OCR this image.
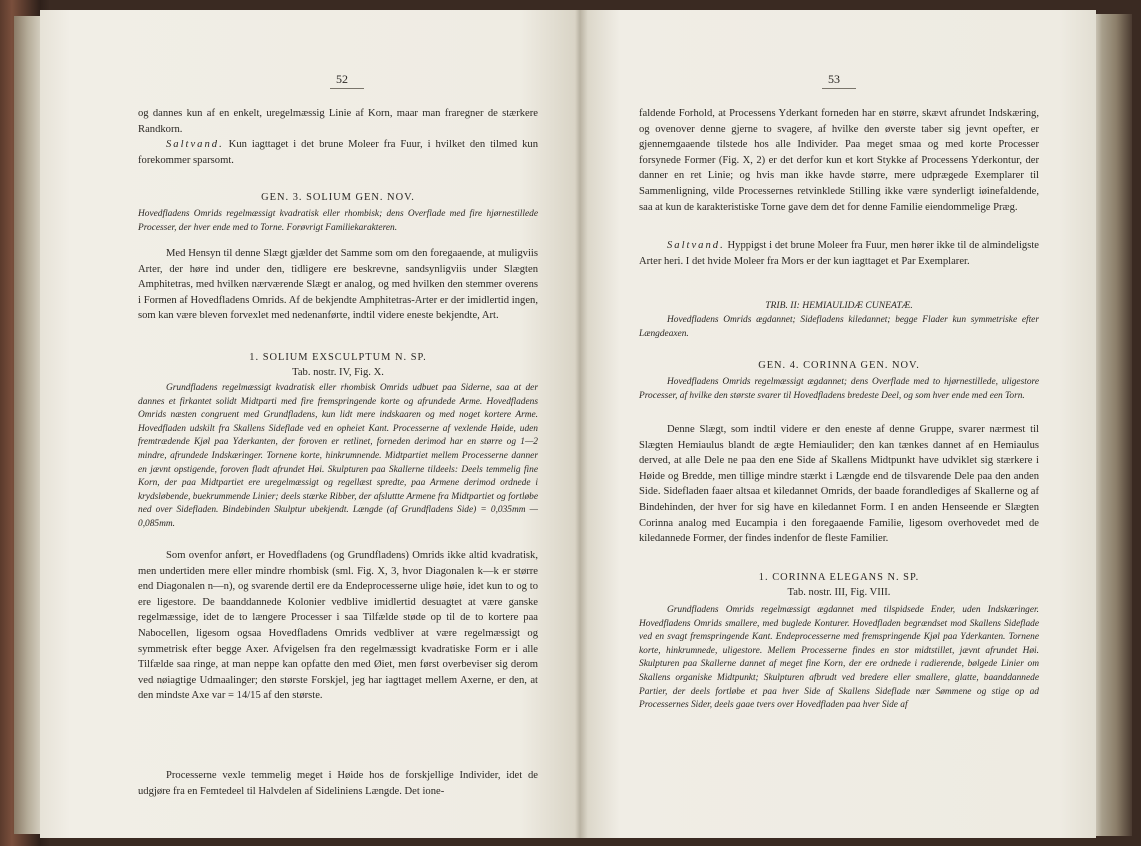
52

og dannes kun af en enkelt, uregelmæssig Linie af Korn, maar man fraregner de stærkere Randkorn.

Saltvand. Kun iagttaget i det brune Moleer fra Fuur, i hvilket den tilmed kun forekommer sparsomt.

GEN. 3. SOLIUM GEN. NOV.
Hovedfladens Omrids regelmæssigt kvadratisk eller rhombisk; dens Overflade med fire hjørnestillede Processer, der hver ende med to Torne. Forøvrigt Familiekarakteren.
Med Hensyn til denne Slægt gjælder det Samme som om den foregaaende, at muligviis Arter, der høre ind under den, tidligere ere beskrevne, sandsynligviis under Slægten Amphitetras, med hvilken nærværende Slægt er analog, og med hvilken den stemmer overens i Formen af Hovedfladens Omrids. Af de bekjendte Amphitetras-Arter er der imidlertid ingen, som kan være bleven forvexlet med nedenanførte, indtil videre eneste bekjendte, Art.
1. SOLIUM EXSCULPTUM N. SP.
Tab. nostr. IV, Fig. X.
Grundfladens regelmæssigt kvadratisk eller rhombisk Omrids udbuet paa Siderne, saa at der dannes et firkantet solidt Midtparti med fire fremspringende korte og afrundede Arme. Hovedfladens Omrids næsten congruent med Grundfladens, kun lidt mere indskaaren og med noget kortere Arme. Hovedfladen udskilt fra Skallens Sideflade ved en opheiet Kant. Processerne af vexlende Høide, uden fremtrædende Kjøl paa Yderkanten, der foroven er retlinet, forneden derimod har en større og 1—2 mindre, afrundede Indskæringer. Tornene korte, hinkrumnende. Midtpartiet mellem Processerne danner en jævnt opstigende, foroven fladt afrundet Høi. Skulpturen paa Skallerne tildeels: Deels temmelig fine Korn, der paa Midtpartiet ere uregelmæssigt og regellæst spredte, paa Armene derimod ordnede i krydsløbende, buekrummende Linier; deels stærke Ribber, der afsluttte Armene fra Midtpartiet og fortløbe ned over Sidefladen. Bindebinden Skulptur ubekjendt. Længde (af Grundfladens Side) = 0,035mm — 0,085mm.
Som ovenfor anført, er Hovedfladens (og Grundfladens) Omrids ikke altid kvadratisk, men undertiden mere eller mindre rhombisk (sml. Fig. X, 3, hvor Diagonalen k—k er større end Diagonalen n—n), og svarende dertil ere da Endeprocesserne ulige høie, idet kun to og to ere ligestore. De baanddannede Kolonier vedblive imidlertid desuagtet at være ganske regelmæssige, idet de to længere Processer i saa Tilfælde støde op til de to kortere paa Nabocellen, ligesom ogsaa Hovedfladens Omrids vedbliver at være regelmæssigt og symmetrisk efter begge Axer. Afvigelsen fra den regelmæssigt kvadratiske Form er i alle Tilfælde saa ringe, at man neppe kan opfatte den med Øiet, men først overbeviser sig derom ved nøiagtige Udmaalinger; den største Forskjel, jeg har iagttaget mellem Axerne, er den, at den mindste Axe var = 14/15 af den største.
Processerne vexle temmelig meget i Høide hos de forskjellige Individer, idet de udgjøre fra en Femtedeel til Halvdelen af Sideliniens Længde. Det ione-
53
faldende Forhold, at Processens Yderkant forneden har en større, skævt afrundet Indskæring, og ovenover denne gjerne to svagere, af hvilke den øverste taber sig jevnt opefter, er gjennemgaaende tilstede hos alle Individer. Paa meget smaa og med korte Processer forsynede Former (Fig. X, 2) er det derfor kun et kort Stykke af Processens Yderkontur, der danner en ret Linie; og hvis man ikke havde større, mere udprægede Exemplarer til Sammenligning, vilde Processernes retvinklede Stilling ikke være synderligt iøinefaldende, saa at kun de karakteristiske Torne gave dem det for denne Familie eiendommelige Præg.
Saltvand. Hyppigst i det brune Moleer fra Fuur, men hører ikke til de almindeligste Arter heri. I det hvide Moleer fra Mors er der kun iagttaget et Par Exemplarer.
TRIB. II: HEMIAULIDÆ CUNEATÆ.
Hovedfladens Omrids ægdannet; Sidefladens kiledannet; begge Flader kun symmetriske efter Længdeaxen.
GEN. 4. CORINNA GEN. NOV.
Hovedfladens Omrids regelmæssigt ægdannet; dens Overflade med to hjørnestillede, uligestore Processer, af hvilke den største svarer til Hovedfladens bredeste Deel, og som hver ende med een Torn.
Denne Slægt, som indtil videre er den eneste af denne Gruppe, svarer nærmest til Slægten Hemiaulus blandt de ægte Hemiaulider; den kan tænkes dannet af en Hemiaulus derved, at alle Dele ne paa den ene Side af Skallens Midtpunkt have udviklet sig stærkere i Høide og Bredde, men tillige mindre stærkt i Længde end de tilsvarende Dele paa den anden Side. Sidefladen faaer altsaa et kiledannet Omrids, der baade forandlediges af Skallerne og af Bindehinden, der hver for sig have en kiledannet Form. I en anden Henseende er Slægten Corinna analog med Eucampia i den foregaaende Familie, ligesom overhovedet med de kiledannede Former, der findes indenfor de fleste Familier.
1. CORINNA ELEGANS N. SP.
Tab. nostr. III, Fig. VIII.
Grundfladens Omrids regelmæssigt ægdannet med tilspidsede Ender, uden Indskæringer. Hovedfladens Omrids smallere, med buglede Konturer. Hovedfladen begrændset mod Skallens Sideflade ved en svagt fremspringende Kant. Endeprocesserne med fremspringende Kjøl paa Yderkanten. Tornene korte, hinkrumnede, uligestore. Mellem Processerne findes en stor midtstillet, jævnt afrundet Høi. Skulpturen paa Skallerne dannet af meget fine Korn, der ere ordnede i radierende, bølgede Linier om Skallens organiske Midtpunkt; Skulpturen afbrudt ved bredere eller smallere, glatte, baanddannede Partier, der deels fortløbe et paa hver Side af Skallens Sideflade nær Sømmene og stige op ad Processernes Sider, deels gaae tvers over Hovedfladen paa hver Side af
